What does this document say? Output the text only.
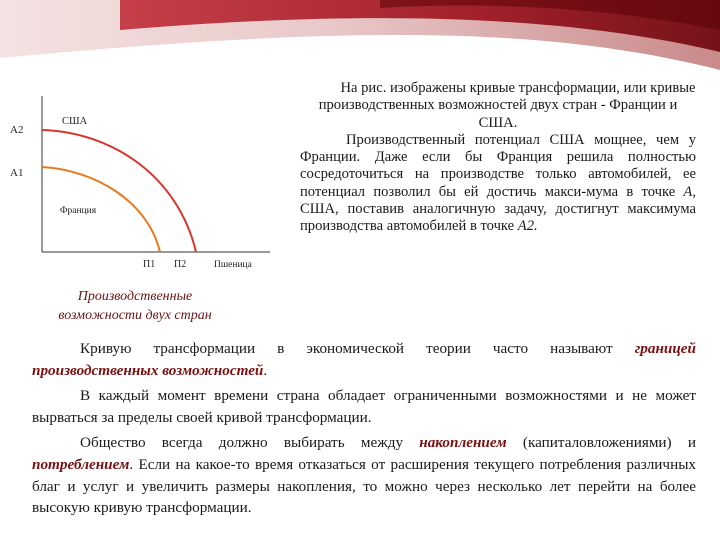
А2
А1
США
Франция
П1 П2	Пшеница
Производственные
возможности двух стран

На рис. изображены кривые трансформации, или кривые производственных возможностей двух стран - Франции и США.

Производственный потенциал США мощнее, чем у Франции. Даже если бы Франция решила полностью сосредоточиться на производстве только автомобилей, ее потенциал позволил бы ей достичь макси-мума в точке А, США, поставив аналогичную задачу, достигнут максимума производства автомобилей в точке А2.

Кривую трансформации в экономической теории часто называют границей производственных возможностей.

В каждый момент времени страна обладает ограниченными возможностями и не может вырваться за пределы своей кривой трансформации.

Общество всегда должно выбирать между накоплением (капиталовложениями) и потреблением. Если на какое-то время отказаться от расширения текущего потребления различных благ и услуг и увеличить размеры накопления, то можно через несколько лет перейти на более высокую кривую трансформации.
